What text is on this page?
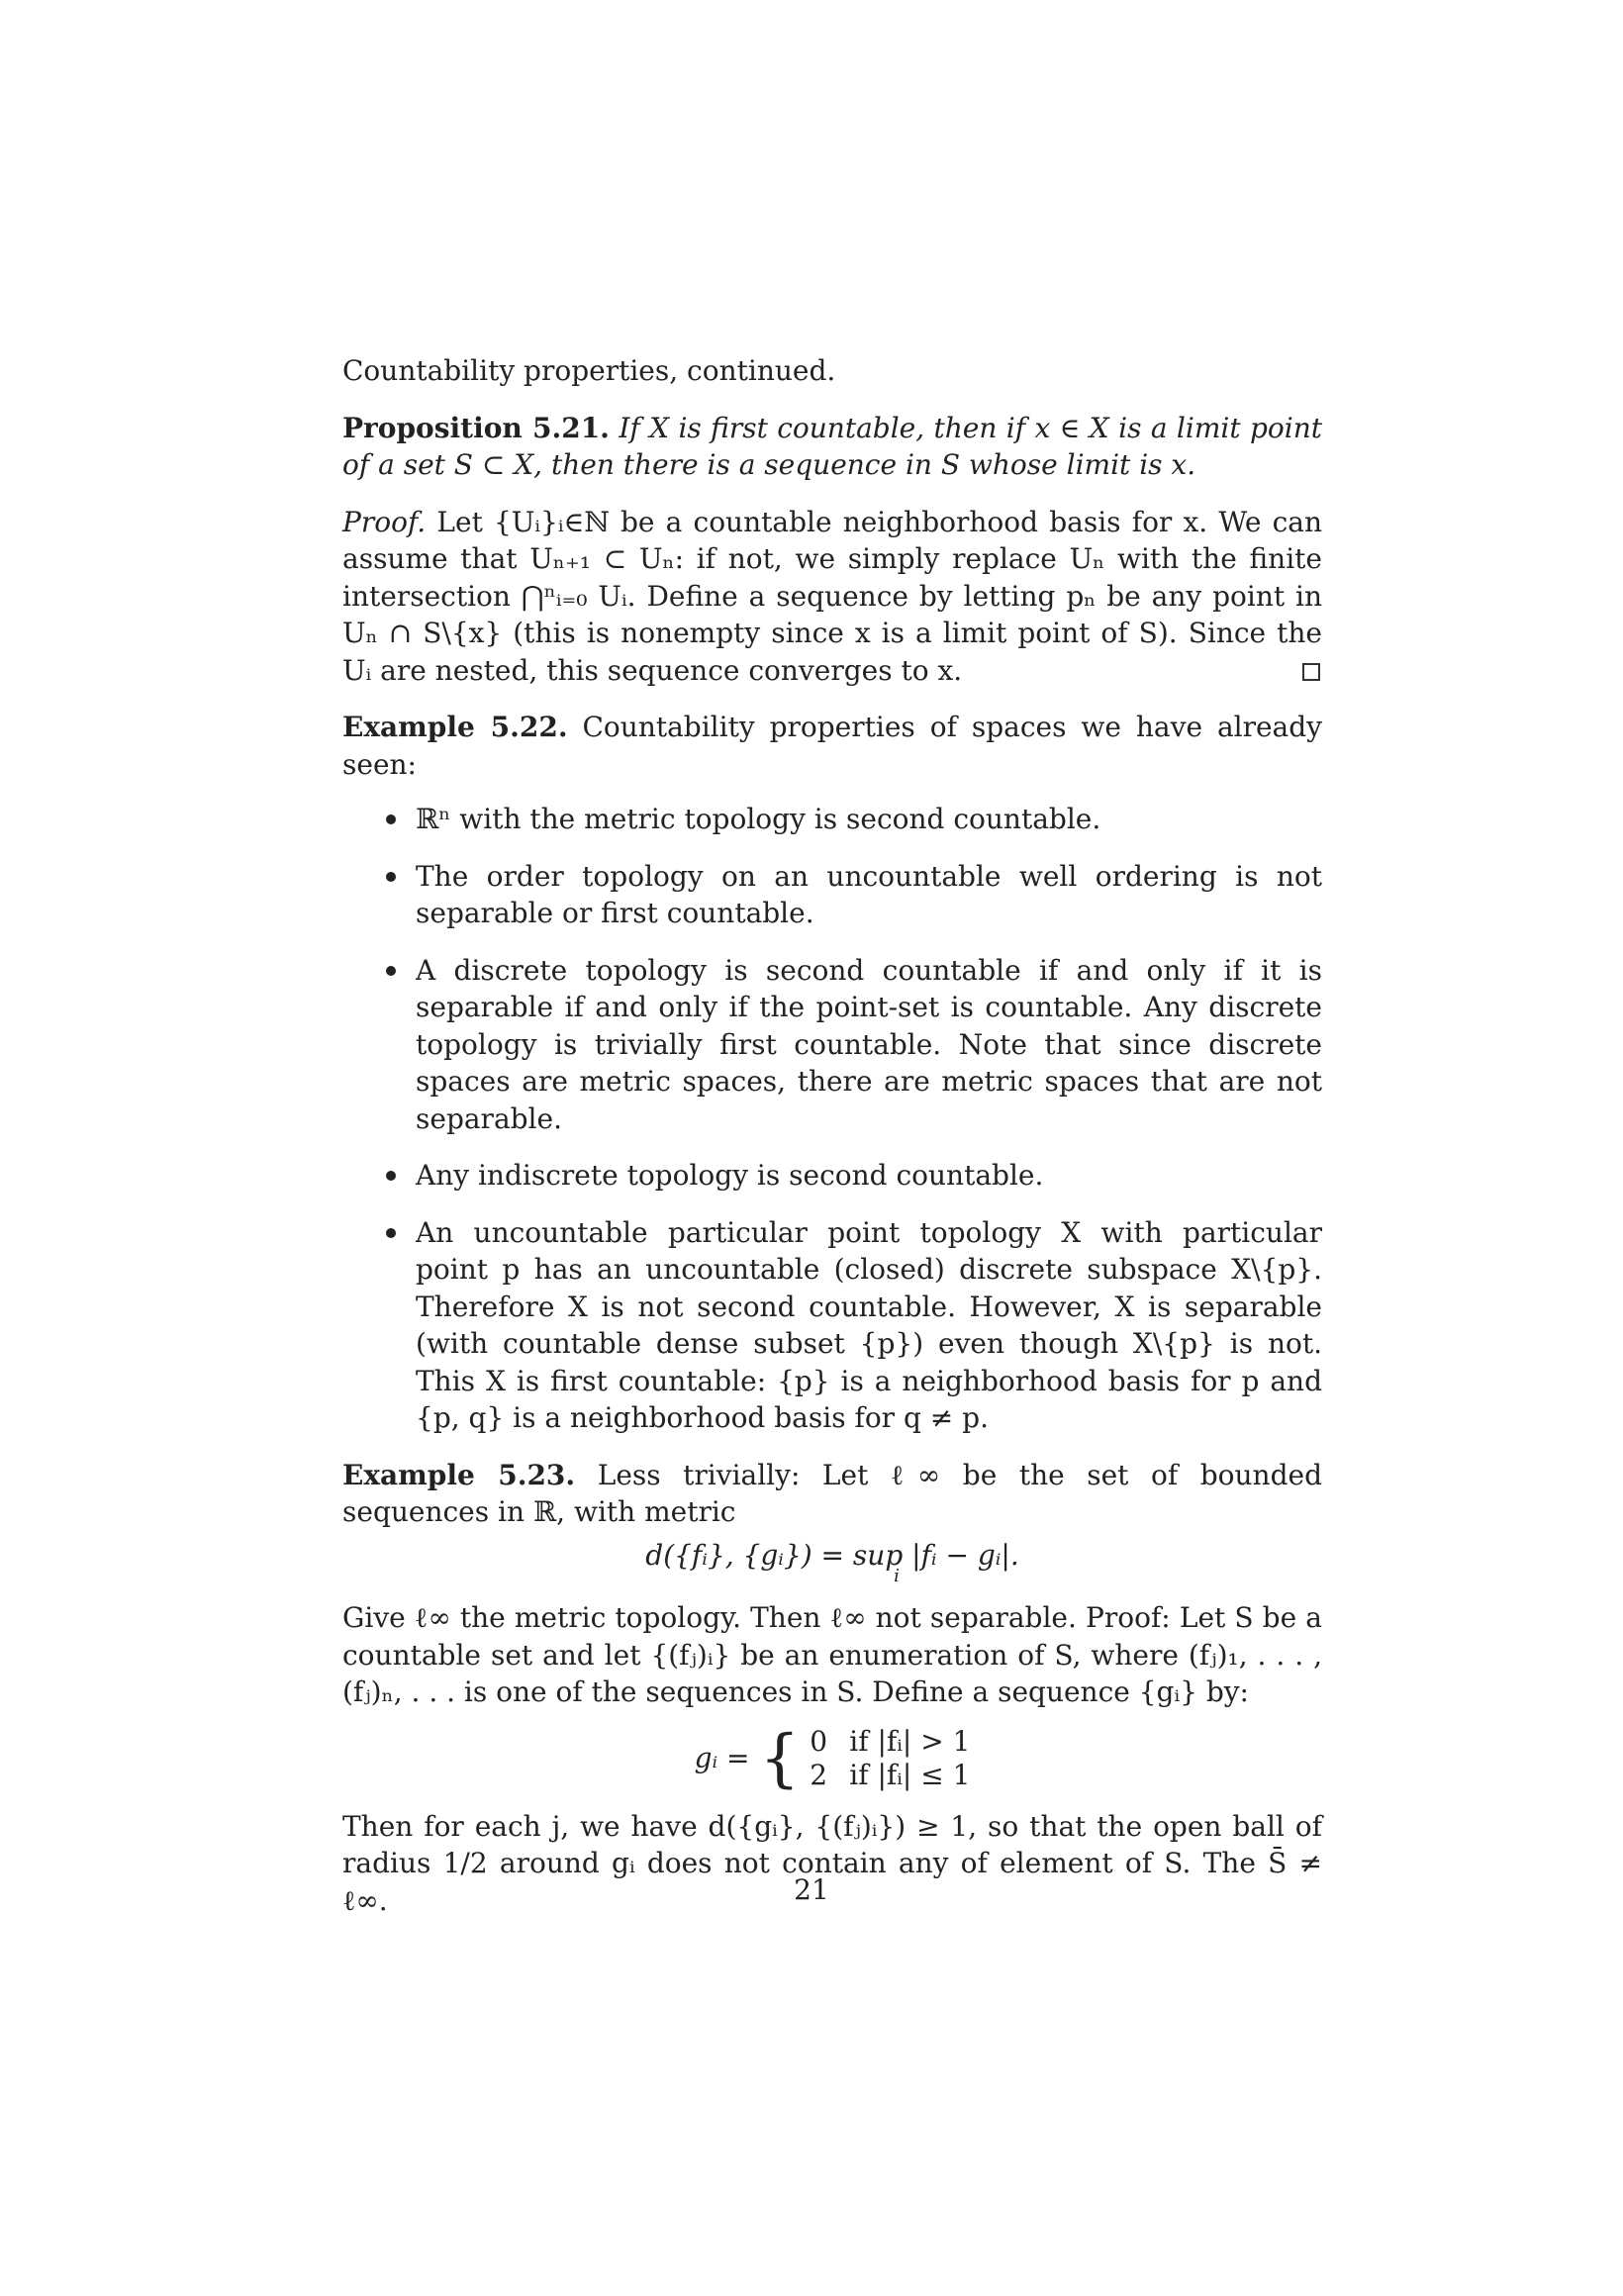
Countability properties, continued.

Proposition 5.21. If X is first countable, then if x ∈ X is a limit point of a set S ⊂ X, then there is a sequence in S whose limit is x.

Proof. Let {Uᵢ}ᵢ∈ℕ be a countable neighborhood basis for x. We can assume that Uₙ₊₁ ⊂ Uₙ: if not, we simply replace Uₙ with the finite intersection ⋂ⁿᵢ₌₀ Uᵢ. Define a sequence by letting pₙ be any point in Uₙ ∩ S\{x} (this is nonempty since x is a limit point of S). Since the Uᵢ are nested, this sequence converges to x.

Example 5.22. Countability properties of spaces we have already seen:
ℝⁿ with the metric topology is second countable.
The order topology on an uncountable well ordering is not separable or first countable.
A discrete topology is second countable if and only if it is separable if and only if the point-set is countable. Any discrete topology is trivially first countable. Note that since discrete spaces are metric spaces, there are metric spaces that are not separable.
Any indiscrete topology is second countable.
An uncountable particular point topology X with particular point p has an uncountable (closed) discrete subspace X\{p}. Therefore X is not second countable. However, X is separable (with countable dense subset {p}) even though X\{p} is not. This X is first countable: {p} is a neighborhood basis for p and {p, q} is a neighborhood basis for q ≠ p.

Example 5.23. Less trivially: Let ℓ∞ be the set of bounded sequences in ℝ, with metric

d({fᵢ}, {gᵢ}) = sup |fᵢ − gᵢ|.
i

Give ℓ∞ the metric topology. Then ℓ∞ not separable. Proof: Let S be a countable set and let {(fⱼ)ᵢ} be an enumeration of S, where (fⱼ)₁, . . . , (fⱼ)ₙ, . . . is one of the sequences in S. Define a sequence {gᵢ} by:

gᵢ = { 0 if |fᵢ| > 1
2 if |fᵢ| ≤ 1

Then for each j, we have d({gᵢ}, {(fⱼ)ᵢ}) ≥ 1, so that the open ball of radius 1/2 around gᵢ does not contain any of element of S. The S̄ ≠ ℓ∞.	21
